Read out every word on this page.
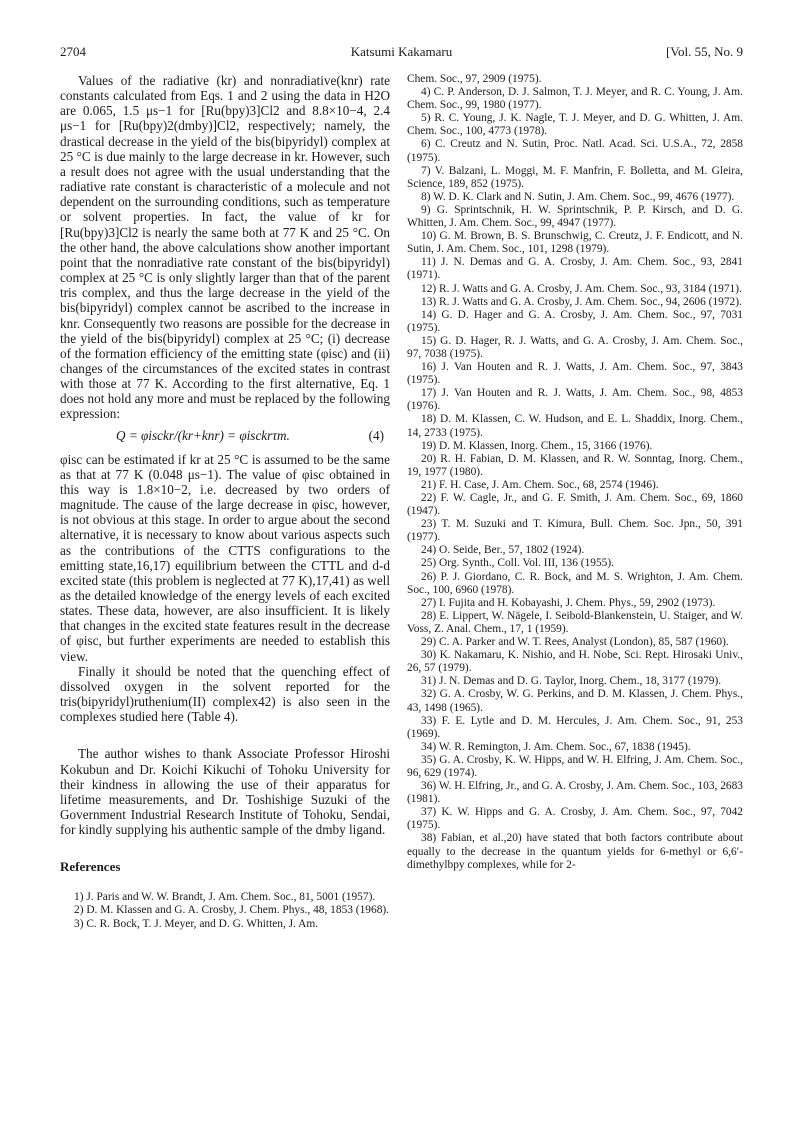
2704	Katsumi Kakamaru	[Vol. 55, No. 9

Values of the radiative (kr) and nonradiative(knr) rate constants calculated from Eqs. 1 and 2 using the data in H2O are 0.065, 1.5 μs−1 for [Ru(bpy)3]Cl2 and 8.8×10−4, 2.4 μs−1 for [Ru(bpy)2(dmby)]Cl2, respectively; namely, the drastical decrease in the yield of the bis(bipyridyl) complex at 25 °C is due mainly to the large decrease in kr. However, such a result does not agree with the usual understanding that the radiative rate constant is characteristic of a molecule and not dependent on the surrounding conditions, such as temperature or solvent properties. In fact, the value of kr for [Ru(bpy)3]Cl2 is nearly the same both at 77 K and 25 °C. On the other hand, the above calculations show another important point that the nonradiative rate constant of the bis(bipyridyl) complex at 25 °C is only slightly larger than that of the parent tris complex, and thus the large decrease in the yield of the bis(bipyridyl) complex cannot be ascribed to the increase in knr. Consequently two reasons are possible for the decrease in the yield of the bis(bipyridyl) complex at 25 °C; (i) decrease of the formation efficiency of the emitting state (φisc) and (ii) changes of the circumstances of the excited states in contrast with those at 77 K. According to the first alternative, Eq. 1 does not hold any more and must be replaced by the following expression:

Q = φisckr/(kr+knr) = φisckrτm.	(4)

φisc can be estimated if kr at 25 °C is assumed to be the same as that at 77 K (0.048 μs−1). The value of φisc obtained in this way is 1.8×10−2, i.e. decreased by two orders of magnitude. The cause of the large decrease in φisc, however, is not obvious at this stage. In order to argue about the second alternative, it is necessary to know about various aspects such as the contributions of the CTTS configurations to the emitting state,16,17) equilibrium between the CTTL and d-d excited state (this problem is neglected at 77 K),17,41) as well as the detailed knowledge of the energy levels of each excited states. These data, however, are also insufficient. It is likely that changes in the excited state features result in the decrease of φisc, but further experiments are needed to establish this view.

Finally it should be noted that the quenching effect of dissolved oxygen in the solvent reported for the tris(bipyridyl)ruthenium(II) complex42) is also seen in the complexes studied here (Table 4).

The author wishes to thank Associate Professor Hiroshi Kokubun and Dr. Koichi Kikuchi of Tohoku University for their kindness in allowing the use of their apparatus for lifetime measurements, and Dr. Toshishige Suzuki of the Government Industrial Research Institute of Tohoku, Sendai, for kindly supplying his authentic sample of the dmby ligand.

References

1) J. Paris and W. W. Brandt, J. Am. Chem. Soc., 81, 5001 (1957).

2) D. M. Klassen and G. A. Crosby, J. Chem. Phys., 48, 1853 (1968).

3) C. R. Bock, T. J. Meyer, and D. G. Whitten, J. Am.

Chem. Soc., 97, 2909 (1975).

4) C. P. Anderson, D. J. Salmon, T. J. Meyer, and R. C. Young, J. Am. Chem. Soc., 99, 1980 (1977).

5) R. C. Young, J. K. Nagle, T. J. Meyer, and D. G. Whitten, J. Am. Chem. Soc., 100, 4773 (1978).

6) C. Creutz and N. Sutin, Proc. Natl. Acad. Sci. U.S.A., 72, 2858 (1975).

7) V. Balzani, L. Moggi, M. F. Manfrin, F. Bolletta, and M. Gleira, Science, 189, 852 (1975).

8) W. D. K. Clark and N. Sutin, J. Am. Chem. Soc., 99, 4676 (1977).

9) G. Sprintschnik, H. W. Sprintschnik, P. P. Kirsch, and D. G. Whitten, J. Am. Chem. Soc., 99, 4947 (1977).

10) G. M. Brown, B. S. Brunschwig, C. Creutz, J. F. Endicott, and N. Sutin, J. Am. Chem. Soc., 101, 1298 (1979).

11) J. N. Demas and G. A. Crosby, J. Am. Chem. Soc., 93, 2841 (1971).

12) R. J. Watts and G. A. Crosby, J. Am. Chem. Soc., 93, 3184 (1971).

13) R. J. Watts and G. A. Crosby, J. Am. Chem. Soc., 94, 2606 (1972).

14) G. D. Hager and G. A. Crosby, J. Am. Chem. Soc., 97, 7031 (1975).

15) G. D. Hager, R. J. Watts, and G. A. Crosby, J. Am. Chem. Soc., 97, 7038 (1975).

16) J. Van Houten and R. J. Watts, J. Am. Chem. Soc., 97, 3843 (1975).

17) J. Van Houten and R. J. Watts, J. Am. Chem. Soc., 98, 4853 (1976).

18) D. M. Klassen, C. W. Hudson, and E. L. Shaddix, Inorg. Chem., 14, 2733 (1975).

19) D. M. Klassen, Inorg. Chem., 15, 3166 (1976).

20) R. H. Fabian, D. M. Klassen, and R. W. Sonntag, Inorg. Chem., 19, 1977 (1980).

21) F. H. Case, J. Am. Chem. Soc., 68, 2574 (1946).

22) F. W. Cagle, Jr., and G. F. Smith, J. Am. Chem. Soc., 69, 1860 (1947).

23) T. M. Suzuki and T. Kimura, Bull. Chem. Soc. Jpn., 50, 391 (1977).

24) O. Seide, Ber., 57, 1802 (1924).

25) Org. Synth., Coll. Vol. III, 136 (1955).

26) P. J. Giordano, C. R. Bock, and M. S. Wrighton, J. Am. Chem. Soc., 100, 6960 (1978).

27) I. Fujita and H. Kobayashi, J. Chem. Phys., 59, 2902 (1973).

28) E. Lippert, W. Nägele, I. Seibold-Blankenstein, U. Staiger, and W. Voss, Z. Anal. Chem., 17, 1 (1959).

29) C. A. Parker and W. T. Rees, Analyst (London), 85, 587 (1960).

30) K. Nakamaru, K. Nishio, and H. Nobe, Sci. Rept. Hirosaki Univ., 26, 57 (1979).

31) J. N. Demas and D. G. Taylor, Inorg. Chem., 18, 3177 (1979).

32) G. A. Crosby, W. G. Perkins, and D. M. Klassen, J. Chem. Phys., 43, 1498 (1965).

33) F. E. Lytle and D. M. Hercules, J. Am. Chem. Soc., 91, 253 (1969).

34) W. R. Remington, J. Am. Chem. Soc., 67, 1838 (1945).

35) G. A. Crosby, K. W. Hipps, and W. H. Elfring, J. Am. Chem. Soc., 96, 629 (1974).

36) W. H. Elfring, Jr., and G. A. Crosby, J. Am. Chem. Soc., 103, 2683 (1981).

37) K. W. Hipps and G. A. Crosby, J. Am. Chem. Soc., 97, 7042 (1975).

38) Fabian, et al.,20) have stated that both factors contribute about equally to the decrease in the quantum yields for 6-methyl or 6,6′-dimethylbpy complexes, while for 2-
